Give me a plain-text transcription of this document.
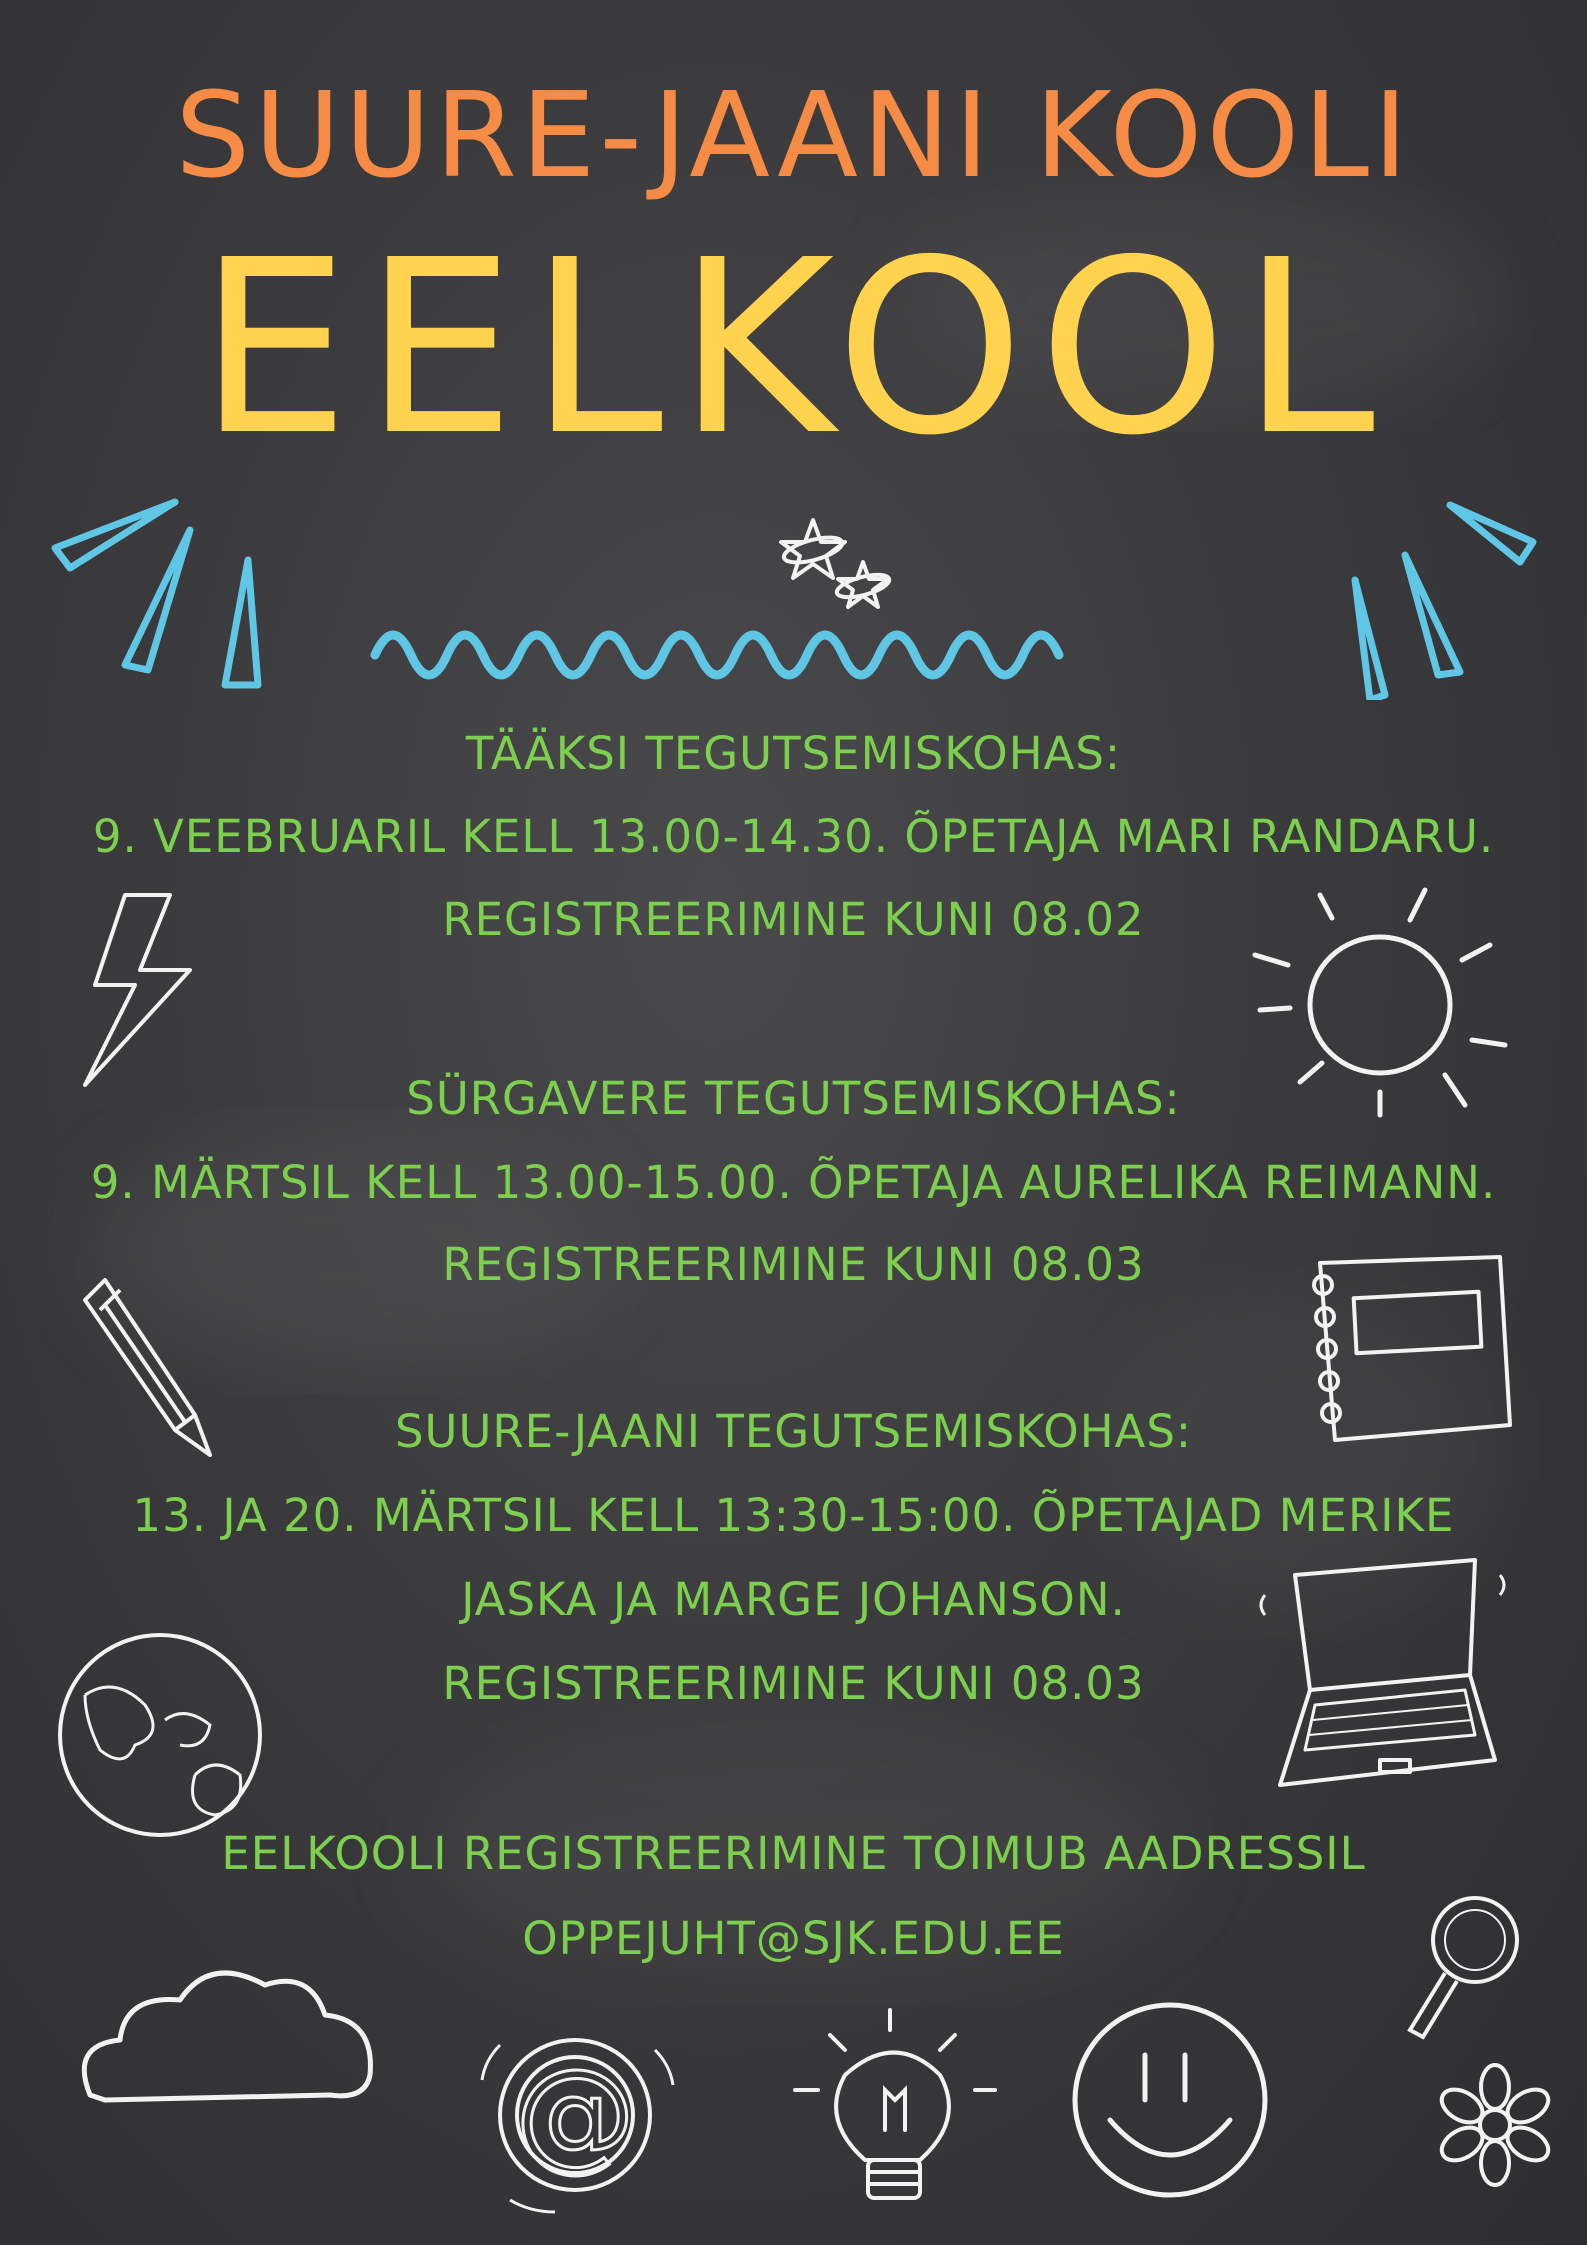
SUURE-JAANI KOOLI
EELKOOL
TÄÄKSI TEGUTSEMISKOHAS:
9. VEEBRUARIL KELL 13.00-14.30. ÕPETAJA MARI RANDARU.
REGISTREERIMINE KUNI 08.02
SÜRGAVERE TEGUTSEMISKOHAS:
9. MÄRTSIL KELL 13.00-15.00. ÕPETAJA AURELIKA REIMANN.
REGISTREERIMINE KUNI 08.03
SUURE-JAANI TEGUTSEMISKOHAS:
13. JA 20. MÄRTSIL KELL 13:30-15:00. ÕPETAJAD MERIKE
JASKA JA MARGE JOHANSON.
REGISTREERIMINE KUNI 08.03
EELKOOLI REGISTREERIMINE TOIMUB AADRESSIL
OPPEJUHT@SJK.EDU.EE
@
